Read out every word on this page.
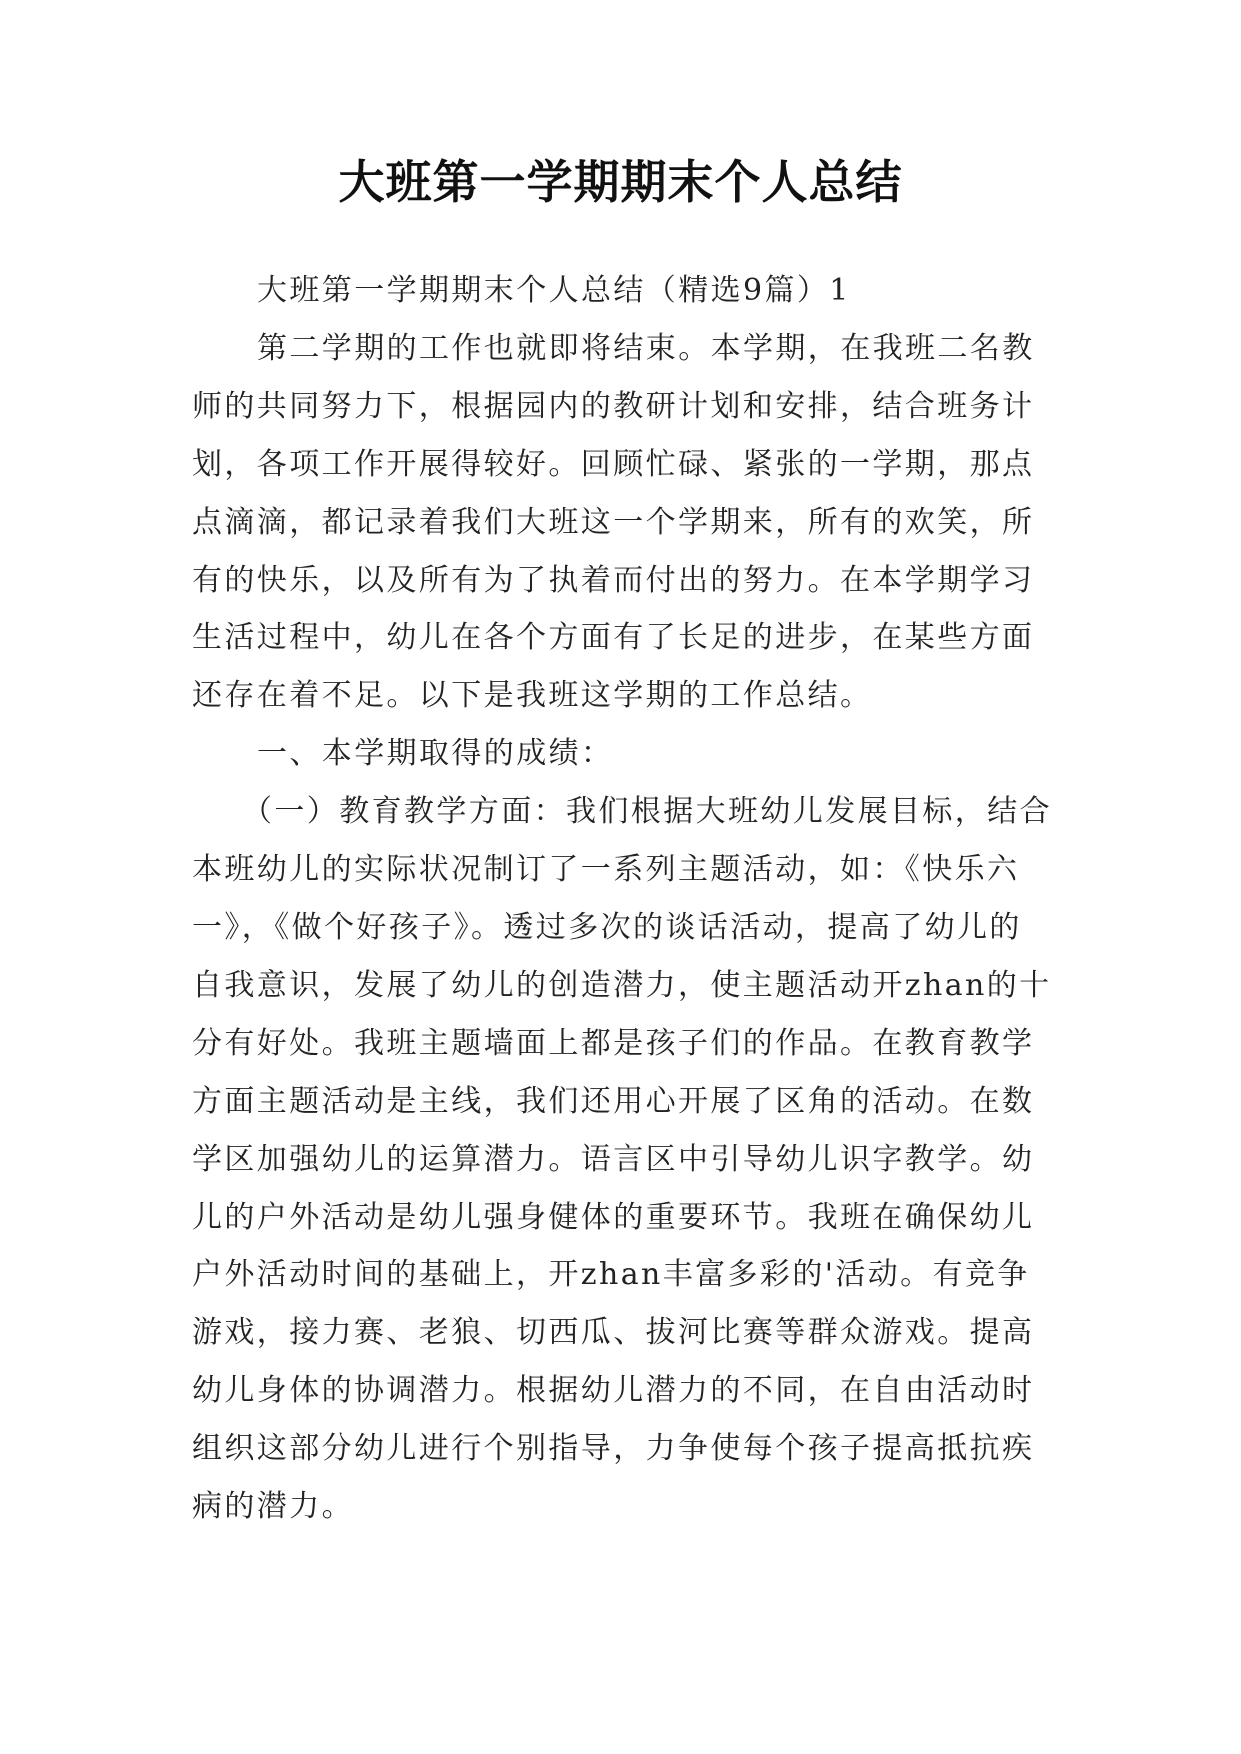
大班第一学期期末个人总结

大班第一学期期末个人总结（精选9篇）1

第二学期的工作也就即将结束。本学期，在我班二名教师的共同努力下，根据园内的教研计划和安排，结合班务计划，各项工作开展得较好。回顾忙碌、紧张的一学期，那点点滴滴，都记录着我们大班这一个学期来，所有的欢笑，所有的快乐，以及所有为了执着而付出的努力。在本学期学习生活过程中，幼儿在各个方面有了长足的进步，在某些方面还存在着不足。以下是我班这学期的工作总结。

一、本学期取得的成绩：

（一）教育教学方面：我们根据大班幼儿发展目标，结合本班幼儿的实际状况制订了一系列主题活动，如：《快乐六一》，《做个好孩子》。透过多次的谈话活动，提高了幼儿的自我意识，发展了幼儿的创造潜力，使主题活动开zhan的十分有好处。我班主题墙面上都是孩子们的作品。在教育教学方面主题活动是主线，我们还用心开展了区角的活动。在数学区加强幼儿的运算潜力。语言区中引导幼儿识字教学。幼儿的户外活动是幼儿强身健体的重要环节。我班在确保幼儿户外活动时间的基础上，开zhan丰富多彩的'活动。有竞争游戏，接力赛、老狼、切西瓜、拔河比赛等群众游戏。提高幼儿身体的协调潜力。根据幼儿潜力的不同，在自由活动时组织这部分幼儿进行个别指导，力争使每个孩子提高抵抗疾病的潜力。
